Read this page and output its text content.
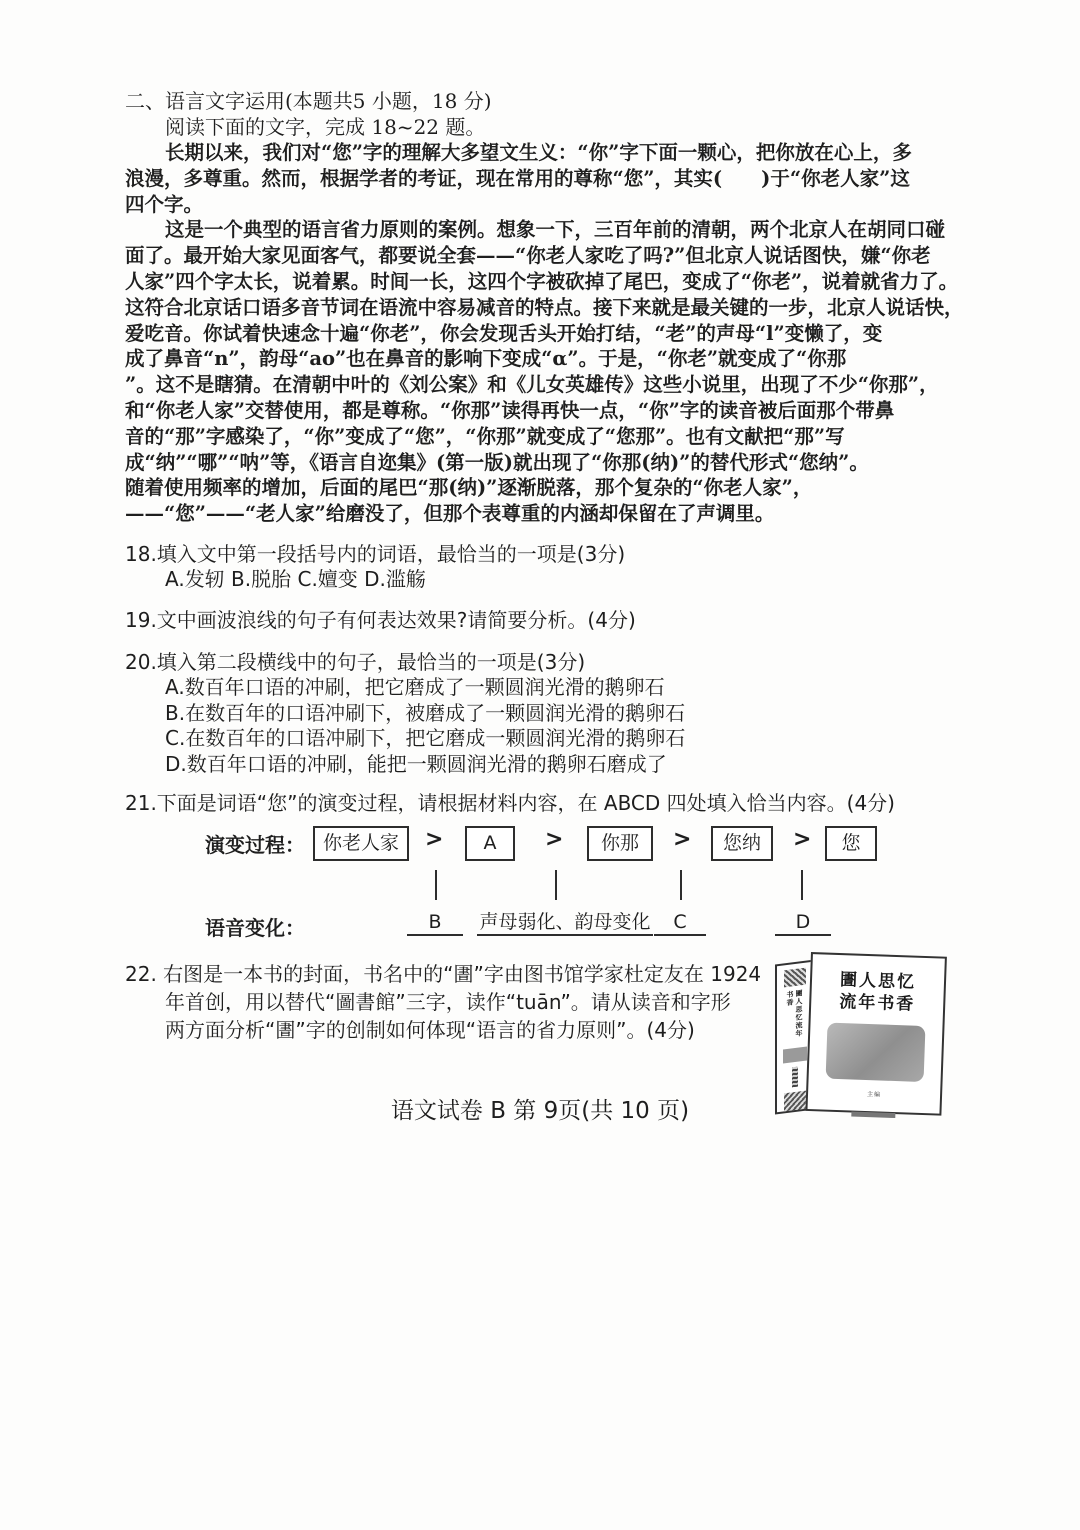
二、语言文字运用(本题共5 小题，18 分)
阅读下面的文字，完成 18~22 题。
长期以来，我们对“您”字的理解大多望文生义：“你”字下面一颗心，把你放在心上，多
浪漫，多尊重。然而，根据学者的考证，现在常用的尊称“您”，其实(　　)于“你老人家”这
四个字。
这是一个典型的语言省力原则的案例。想象一下，三百年前的清朝，两个北京人在胡同口碰
面了。最开始大家见面客气，都要说全套——“你老人家吃了吗?”但北京人说话图快，嫌“你老
人家”四个字太长，说着累。时间一长，这四个字被砍掉了尾巴，变成了“你老”，说着就省力了。
这符合北京话口语多音节词在语流中容易减音的特点。接下来就是最关键的一步，北京人说话快，
爱吃音。你试着快速念十遍“你老”，你会发现舌头开始打结，“老”的声母“l”变懒了，变
成了鼻音“n”，韵母“ao”也在鼻音的影响下变成“α”。于是，“你老”就变成了“你那
”。这不是瞎猜。在清朝中叶的《刘公案》和《儿女英雄传》这些小说里，出现了不少“你那”，
和“你老人家”交替使用，都是尊称。“你那”读得再快一点，“你”字的读音被后面那个带鼻
音的“那”字感染了，“你”变成了“您”，“你那”就变成了“您那”。也有文献把“那”写
成“纳”“哪”“呐”等，《语言自迩集》(第一版)就出现了“你那(纳)”的替代形式“您纳”。
随着使用频率的增加，后面的尾巴“那(纳)”逐渐脱落，那个复杂的“你老人家”，
——“您”——“老人家”给磨没了，但那个表尊重的内涵却保留在了声调里。
18.填入文中第一段括号内的词语，最恰当的一项是(3分)
A.发轫 B.脱胎 C.嬗变 D.滥觞
19.文中画波浪线的句子有何表达效果?请简要分析。(4分)
20.填入第二段横线中的句子，最恰当的一项是(3分)
A.数百年口语的冲刷，把它磨成了一颗圆润光滑的鹅卵石
B.在数百年的口语冲刷下，被磨成了一颗圆润光滑的鹅卵石
C.在数百年的口语冲刷下，把它磨成一颗圆润光滑的鹅卵石
D.数百年口语的冲刷，能把一颗圆润光滑的鹅卵石磨成了
21.下面是词语“您”的演变过程，请根据材料内容，在 ABCD 四处填入恰当内容。(4分)
演变过程： 你老人家	>	A	>	你那	>	您纳	>	您
语音变化：	B	声母弱化、韵母变化	C	D
22. 右图是一本书的封面，书名中的“圕”字由图书馆学家杜定友在 1924
年首创，用以替代“圖書館”三字，读作“tuān”。请从读音和字形
两方面分析“圕”字的创制如何体现“语言的省力原则”。(4分)	圕人思忆流年书香
圕人思忆
流年书香
主编
语文试卷 B 第 9页(共 10 页)
